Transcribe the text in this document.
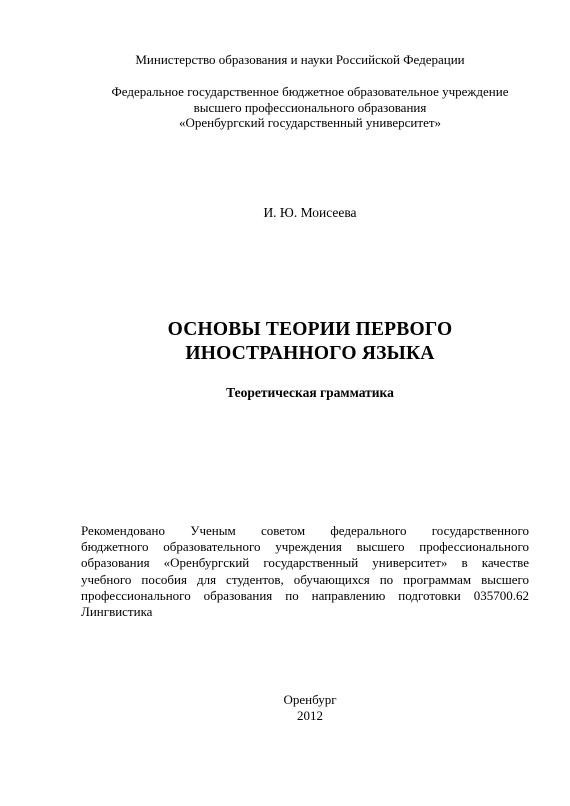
Министерство образования и науки Российской Федерации
Федеральное государственное бюджетное образовательное учреждение
высшего профессионального образования
«Оренбургский государственный университет»
И. Ю. Моисеева
ОСНОВЫ ТЕОРИИ ПЕРВОГО
ИНОСТРАННОГО ЯЗЫКА
Теоретическая грамматика
Рекомендовано Ученым советом федерального государственного
бюджетного образовательного учреждения высшего профессионального
образования «Оренбургский государственный университет» в качестве
учебного пособия для студентов, обучающихся по программам высшего
профессионального образования по направлению подготовки 035700.62
Лингвистика
Оренбург
2012
